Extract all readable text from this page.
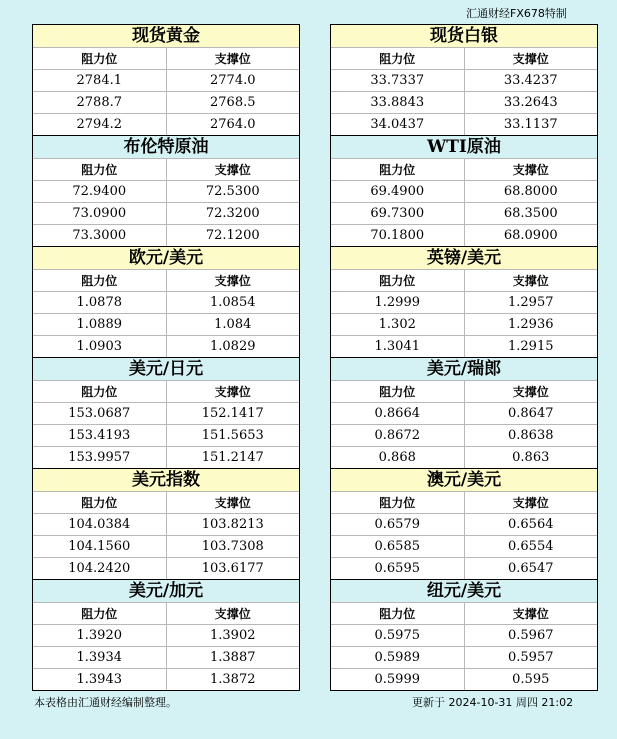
汇通财经FX678特制
现货黄金
阻力位	支撑位
2784.1	2774.0
2788.7	2768.5
2794.2	2764.0
布伦特原油
阻力位	支撑位
72.9400	72.5300
73.0900	72.3200
73.3000	72.1200
欧元/美元
阻力位	支撑位
1.0878	1.0854
1.0889	1.084
1.0903	1.0829
美元/日元
阻力位	支撑位
153.0687	152.1417
153.4193	151.5653
153.9957	151.2147
美元指数
阻力位	支撑位
104.0384	103.8213
104.1560	103.7308
104.2420	103.6177
美元/加元
阻力位	支撑位
1.3920	1.3902
1.3934	1.3887
1.3943	1.3872
现货白银
阻力位	支撑位
33.7337	33.4237
33.8843	33.2643
34.0437	33.1137
WTI原油
阻力位	支撑位
69.4900	68.8000
69.7300	68.3500
70.1800	68.0900
英镑/美元
阻力位	支撑位
1.2999	1.2957
1.302	1.2936
1.3041	1.2915
美元/瑞郎
阻力位	支撑位
0.8664	0.8647
0.8672	0.8638
0.868	0.863
澳元/美元
阻力位	支撑位
0.6579	0.6564
0.6585	0.6554
0.6595	0.6547
纽元/美元
阻力位	支撑位
0.5975	0.5967
0.5989	0.5957
0.5999	0.595
本表格由汇通财经编制整理。	更新于 2024-10-31 周四 21:02
